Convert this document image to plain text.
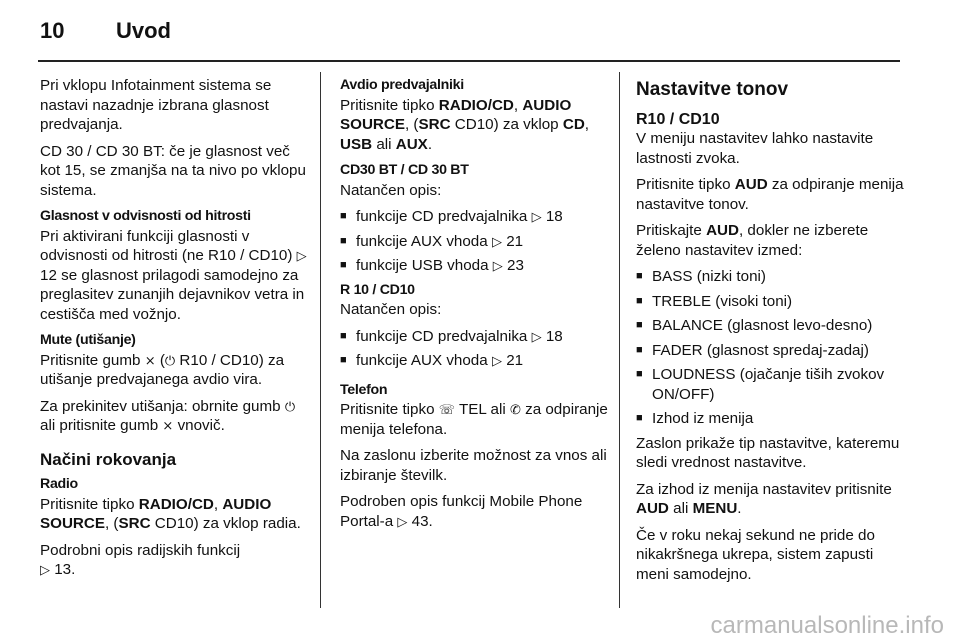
10 Uvod

Pri vklopu Infotainment sistema se nastavi nazadnje izbrana glasnost predvajanja.

CD 30 / CD 30 BT: če je glasnost več kot 15, se zmanjša na ta nivo po vklopu sistema.

Glasnost v odvisnosti od hitrosti

Pri aktivirani funkciji glasnosti v odvisnosti od hitrosti (ne R10 / CD10) ▷ 12 se glasnost prilagodi samodejno za preglasitev zunanjih dejavnikov vetra in cestišča med vožnjo.

Mute (utišanje)

Pritisnite gumb ⨯ (⏻ R10 / CD10) za utišanje predvajanega avdio vira.

Za prekinitev utišanja: obrnite gumb ⏻ ali pritisnite gumb ⨯ vnovič.

Načini rokovanja
Radio

Pritisnite tipko RADIO/CD, AUDIO SOURCE, (SRC CD10) za vklop radia.

Podrobni opis radijskih funkcij
▷ 13.

Avdio predvajalniki

Pritisnite tipko RADIO/CD, AUDIO SOURCE, (SRC CD10) za vklop CD, USB ali AUX.

CD30 BT / CD 30 BT

Natančen opis:

■ funkcije CD predvajalnika ▷ 18
■ funkcije AUX vhoda ▷ 21
■ funkcije USB vhoda ▷ 23
R 10 / CD10

Natančen opis:

■ funkcije CD predvajalnika ▷ 18
■ funkcije AUX vhoda ▷ 21
Telefon

Pritisnite tipko ☏ TEL ali ✆ za odpiranje menija telefona.

Na zaslonu izberite možnost za vnos ali izbiranje številk.

Podroben opis funkcij Mobile Phone Portal-a ▷ 43.

Nastavitve tonov
R10 / CD10

V meniju nastavitev lahko nastavite lastnosti zvoka.

Pritisnite tipko AUD za odpiranje menija nastavitve tonov.

Pritiskajte AUD, dokler ne izberete želeno nastavitev izmed:

■ BASS (nizki toni)
■ TREBLE (visoki toni)
■ BALANCE (glasnost levo-desno)
■ FADER (glasnost spredaj-zadaj)
■ LOUDNESS (ojačanje tiših zvokov ON/OFF)
■ Izhod iz menija

Zaslon prikaže tip nastavitve, kateremu sledi vrednost nastavitve.

Za izhod iz menija nastavitev pritisnite AUD ali MENU.

Če v roku nekaj sekund ne pride do nikakršnega ukrepa, sistem zapusti meni samodejno.

carmanualsonline.info
